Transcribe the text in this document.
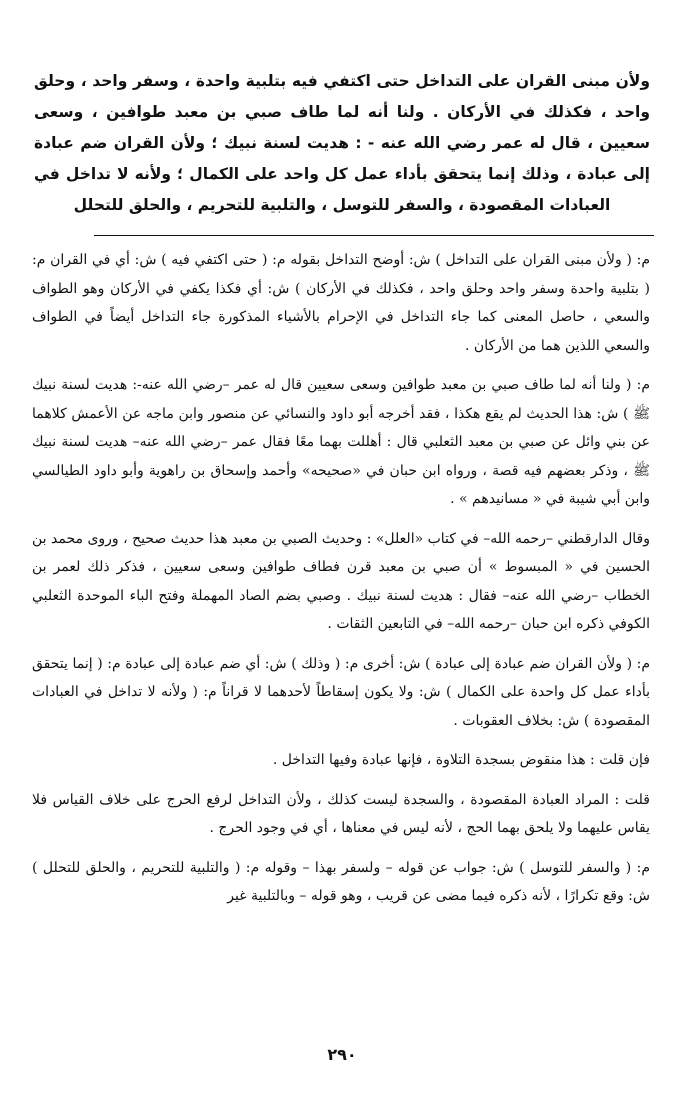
ولأن مبنى القران على التداخل حتى اكتفي فيه بتلبية واحدة ، وسفر واحد ، وحلق واحد ، فكذلك في الأركان . ولنا أنه لما طاف صبي بن معبد طوافين ، وسعى سعيين ، قال له عمر رضي الله عنه - : هديت لسنة نبيك ؛ ولأن القران ضم عبادة إلى عبادة ، وذلك إنما يتحقق بأداء عمل كل واحد على الكمال ؛ ولأنه لا تداخل في العبادات المقصودة ، والسفر للتوسل ، والتلبية للتحريم ، والحلق للتحلل

م: ( ولأن مبنى القران على التداخل ) ش: أوضح التداخل بقوله م: ( حتى اكتفي فيه ) ش: أي في القران م: ( بتلبية واحدة وسفر واحد وحلق واحد ، فكذلك في الأركان ) ش: أي فكذا يكفي في الأركان وهو الطواف والسعي ، حاصل المعنى كما جاء التداخل في الإحرام بالأشياء المذكورة جاء التداخل أيضاً في الطواف والسعي اللذين هما من الأركان .

م: ( ولنا أنه لما طاف صبي بن معبد طوافين وسعى سعيين قال له عمر –رضي الله عنه-: هديت لسنة نبيك ﷺ ) ش: هذا الحديث لم يقع هكذا ، فقد أخرجه أبو داود والنسائي عن منصور وابن ماجه عن الأعمش كلاهما عن بني وائل عن صبي بن معبد الثعلبي قال : أهللت بهما معًا فقال عمر –رضي الله عنه– هديت لسنة نبيك ﷺ ، وذكر بعضهم فيه قصة ، ورواه ابن حبان في «صحيحه» وأحمد وإسحاق بن راهوية وأبو داود الطيالسي وابن أبي شيبة في « مسانيدهم » .

وقال الدارقطني –رحمه الله– في كتاب «العلل» : وحديث الصبي بن معبد هذا حديث صحيح ، وروى محمد بن الحسين في « المبسوط » أن صبي بن معبد قرن فطاف طوافين وسعى سعيين ، فذكر ذلك لعمر بن الخطاب –رضي الله عنه– فقال : هديت لسنة نبيك . وصبي بضم الصاد المهملة وفتح الباء الموحدة الثعلبي الكوفي ذكره ابن حبان –رحمه الله– في التابعين الثقات .

م: ( ولأن القران ضم عبادة إلى عبادة ) ش: أخرى م: ( وذلك ) ش: أي ضم عبادة إلى عبادة م: ( إنما يتحقق بأداء عمل كل واحدة على الكمال ) ش: ولا يكون إسقاطاً لأحدهما لا قراناً م: ( ولأنه لا تداخل في العبادات المقصودة ) ش: بخلاف العقوبات .

فإن قلت : هذا منقوض بسجدة التلاوة ، فإنها عبادة وفيها التداخل .

قلت : المراد العبادة المقصودة ، والسجدة ليست كذلك ، ولأن التداخل لرفع الحرج على خلاف القياس فلا يقاس عليهما ولا يلحق بهما الحج ، لأنه ليس في معناها ، أي في وجود الحرج .

م: ( والسفر للتوسل ) ش: جواب عن قوله – ولسفر بهذا – وقوله م: ( والتلبية للتحريم ، والحلق للتحلل ) ش: وقع تكرارًا ، لأنه ذكره فيما مضى عن قريب ، وهو قوله – وبالتلبية غير

٢٩٠
